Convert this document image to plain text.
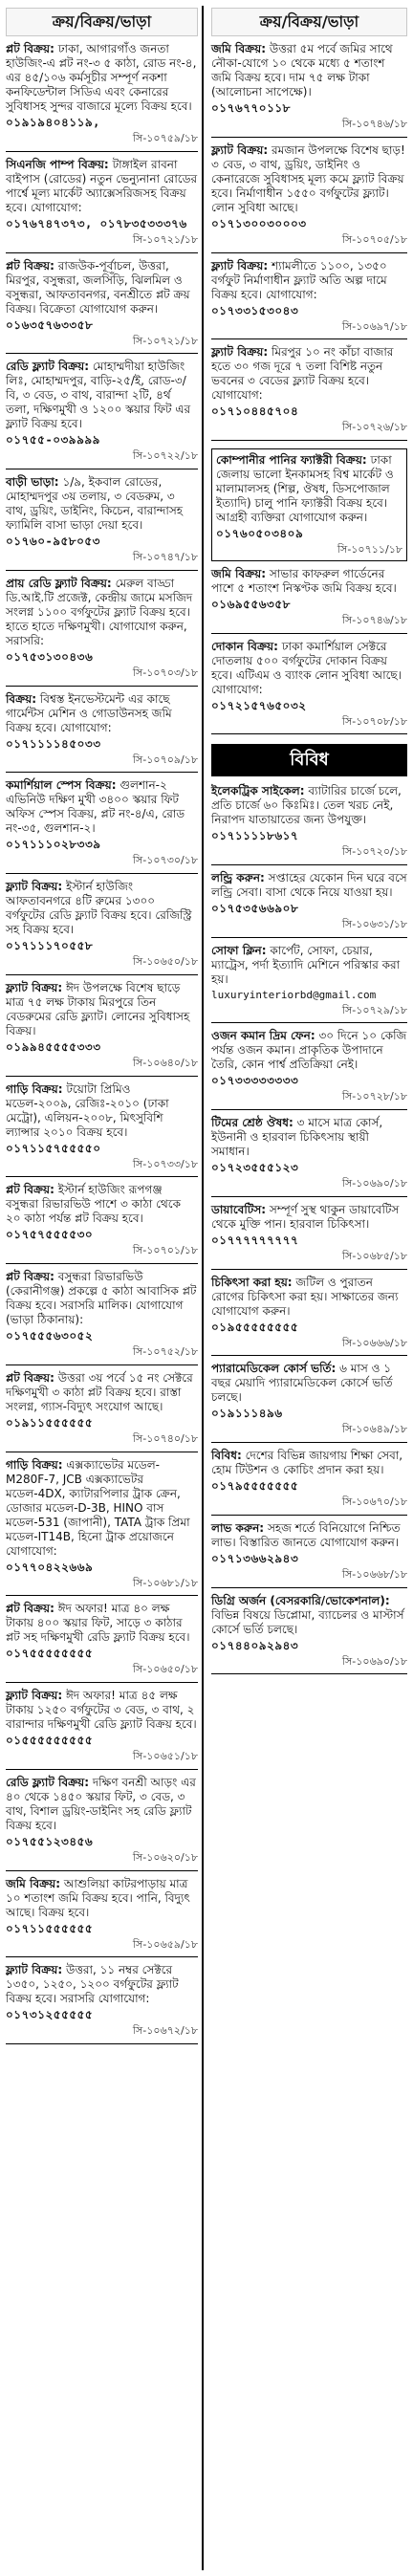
ক্রয়/বিক্রয়/ভাড়া
প্লট বিক্রয়: ঢাকা, আগারগাঁও জনতা হাউজিং-এ প্লট নং-৩ ৫ কাঠা, রোড নং-৪, এর ৪৫/১০৬ কর্মসূচীর সম্পূর্ণ নকশা কনফিডেন্টাল সিডিএ এবং কেনারের সুবিধাসহ সুন্দর বাজারে মূল্যে বিক্রয় হবে।
০১৯১৯৪০৪১১৯,
সি-১০৭৫৯/১৮
সিএনজি পাম্প বিক্রয়: টাঙ্গাইল রাবনা বাইপাস (রোডের) নতুন ভেন্যুনানা রোডের পার্শ্বে মূল্য মার্কেট অ্যাক্সেসরিজসহ বিক্রয় হবে। যোগাযোগ:
০১৭৬৭৪৭৩৭৩, ০১৭৮৩৫৩৩৩৭৬
সি-১০৭২১/১৮
প্লট বিক্রয়: রাজউক-পূর্বাচল, উত্তরা, মিরপুর, বসুন্ধরা, জলসিঁড়ি, ঝিলমিল ও বসুন্ধরা, আফতাবনগর, বনশ্রীতে প্লট ক্রয় বিক্রয়। বিক্রেতা যোগাযোগ করুন।
০১৬৩৫৭৬৩৩৫৮
সি-১০৭২১/১৮
রেডি ফ্ল্যাট বিক্রয়: মোহাম্মদীয়া হাউজিং লিঃ, মোহাম্মদপুর, বাড়ি-২৫/ই, রোড-৩/বি, ৩ বেড, ৩ বাথ, বারান্দা ২টি, ৪র্থ তলা, দক্ষিণমুখী ও ১২০০ স্কয়ার ফিট এর ফ্ল্যাট বিক্রয় হবে।
০১৭৫৫-০৩৯৯৯৯
সি-১০৭২২/১৮
বাড়ী ভাড়া: ১/৯, ইকবাল রোডের, মোহাম্মদপুর ৩য় তলায়, ৩ বেডরুম, ৩ বাথ, ড্রয়িং, ডাইনিং, কিচেন, বারান্দাসহ ফ্যামিলি বাসা ভাড়া দেয়া হবে।
০১৭৬০-৯৫৮০৫৩
সি-১০৭৪৭/১৮
প্রায় রেডি ফ্ল্যাট বিক্রয়: মেরুল বাড্ডা ডি.আই.টি প্রজেক্ট, কেন্দ্রীয় জামে মসজিদ সংলগ্ন ১১০০ বর্গফুটের ফ্ল্যাট বিক্রয় হবে। হাতে হাতে দক্ষিণমুখী। যোগাযোগ করুন, সরাসরি:
০১৭৫৩১৩০৪৩৬
সি-১০৭০৩/১৮
বিক্রয়: বিশ্বস্ত ইনভেস্টমেন্ট এর কাছে গার্মেন্টস মেশিন ও গোডাউনসহ জমি বিক্রয় হবে। যোগাযোগ:
০১৭১১১১৪৫০৩৩
সি-১০৭০৯/১৮
কমার্শিয়াল স্পেস বিক্রয়: গুলশান-২ এভিনিউ দক্ষিণ মুখী ৩৪০০ স্কয়ার ফিট অফিস স্পেস বিক্রয়, প্লট নং-৪/এ, রোড নং-৩৫, গুলশান-২।
০১৭১১১০২৮৩৩৯
সি-১০৭৩০/১৮
ফ্ল্যাট বিক্রয়: ইস্টার্ন হাউজিং আফতাবনগরে ৪টি রুমের ১৩০০ বর্গফুটের রেডি ফ্ল্যাট বিক্রয় হবে। রেজিস্ট্রি সহ বিক্রয় হবে।
০১৭১১১৭০৫৫৮
সি-১০৬৫০/১৮
ফ্ল্যাট বিক্রয়: ঈদ উপলক্ষে বিশেষ ছাড়ে মাত্র ৭৫ লক্ষ টাকায় মিরপুরে তিন বেডরুমের রেডি ফ্ল্যাট। লোনের সুবিধাসহ বিক্রয়।
০১৯৯৪৫৫৫৫৩৩৩
সি-১০৬৪০/১৮
গাড়ি বিক্রয়: টয়োটা প্রিমিও মডেল-২০০৯, রেজিঃ-২০১০ (ঢাকা মেট্রো), এলিয়ন-২০০৮, মিৎসুবিশি ল্যান্সার ২০১০ বিক্রয় হবে।
০১৭১১৫৭৫৫৫৫০
সি-১০৭৩৩/১৮
প্লট বিক্রয়: ইস্টার্ন হাউজিং রূপগঞ্জ বসুন্ধরা রিভারভিউ পাশে ৩ কাঠা থেকে ২০ কাঠা পর্যন্ত প্লট বিক্রয় হবে।
০১৭৫৭৫৫৫৫৩০
সি-১০৭০১/১৮
প্লট বিক্রয়: বসুন্ধরা রিভারভিউ (কেরানীগঞ্জ) প্রকল্পে ৫ কাঠা আবাসিক প্লট বিক্রয় হবে। সরাসরি মালিক। যোগাযোগ (ভাড়া ঠিকানায়):
০১৭৫৫৫৬৩০৫২
সি-১০৭৫২/১৮
প্লট বিক্রয়: উত্তরা ৩য় পর্বে ১৫ নং সেক্টরে দক্ষিণমুখী ৩ কাঠা প্লট বিক্রয় হবে। রাস্তা সংলগ্ন, গ্যাস-বিদ্যুৎ সংযোগ আছে।
০১৯১১৫৫৫৫৫৫
সি-১০৭৪০/১৮
গাড়ি বিক্রয়: এক্সক্যাভেটর মডেল-M280F-7, JCB এক্সক্যাভেটর মডেল-4DX, ক্যাটারপিলার ট্রাক ক্রেন, ডোজার মডেল-D-3B, HINO বাস মডেল-531 (জাপানী), TATA ট্রাক প্রিমা মডেল-IT14B, হিনো ট্রাক প্রয়োজনে যোগাযোগ:
০১৭৭০৪২২৬৬৯
সি-১০৬৮১/১৮
প্লট বিক্রয়: ঈদ অফার! মাত্র ৪০ লক্ষ টাকায় ৪০০ স্কয়ার ফিট, সাড়ে ৩ কাঠার প্লট সহ দক্ষিণমুখী রেডি ফ্ল্যাট বিক্রয় হবে।
০১৭৫৫৫৫৫৫৫৫
সি-১০৬৫০/১৮
ফ্ল্যাট বিক্রয়: ঈদ অফার! মাত্র ৪৫ লক্ষ টাকায় ১২৫০ বর্গফুটের ৩ বেড, ৩ বাথ, ২ বারান্দার দক্ষিণমুখী রেডি ফ্ল্যাট বিক্রয় হবে।
০১৫৫৫৫৫৫৫৫৫
সি-১০৬৫১/১৮
রেডি ফ্ল্যাট বিক্রয়: দক্ষিণ বনশ্রী আড়ং এর ৪০ থেকে ১৪৫০ স্কয়ার ফিট, ৩ বেড, ৩ বাথ, বিশাল ড্রয়িং-ডাইনিং সহ রেডি ফ্ল্যাট বিক্রয় হবে।
০১৭৫৫১২৩৪৫৬
সি-১০৬২০/১৮
জমি বিক্রয়: আশুলিয়া কাটরপাড়ায় মাত্র ১০ শতাংশ জমি বিক্রয় হবে। পানি, বিদ্যুৎ আছে। বিক্রয় হবে।
০১৭১১৫৫৫৫৫৫
সি-১০৬৫৯/১৮
ফ্ল্যাট বিক্রয়: উত্তরা, ১১ নম্বর সেক্টরে ১৩৫০, ১২৫০, ১২০০ বর্গফুটের ফ্ল্যাট বিক্রয় হবে। সরাসরি যোগাযোগ:
০১৭৩১২৫৫৫৫৫
সি-১০৬৭২/১৮
ক্রয়/বিক্রয়/ভাড়া
জমি বিক্রয়: উত্তরা ৫ম পর্বে জমির সাথে নৌকা-যোগে ১০ থেকে মধ্যে ৫ শতাংশ জমি বিক্রয় হবে। দাম ৭৫ লক্ষ টাকা (আলোচনা সাপেক্ষে)।
০১৭৬৭৭০১১৮
সি-১০৭৪৬/১৮
ফ্ল্যাট বিক্রয়: রমজান উপলক্ষে বিশেষ ছাড়! ৩ বেড, ৩ বাথ, ড্রয়িং, ডাইনিং ও কেনারেজে সুবিধাসহ মূল্য কমে ফ্ল্যাট বিক্রয় হবে। নির্মাণাধীন ১৫৫০ বর্গফুটের ফ্ল্যাট। লোন সুবিধা আছে।
০১৭১৩০০৩০০০৩
সি-১০৭০৫/১৮
ফ্ল্যাট বিক্রয়: শ্যামলীতে ১১০০, ১৩৫০ বর্গফুট নির্মাণাধীন ফ্ল্যাট অতি অল্প দামে বিক্রয় হবে। যোগাযোগ:
০১৭৩৩১৫৩০৪৩
সি-১০৬৯৭/১৮
ফ্ল্যাট বিক্রয়: মিরপুর ১০ নং কাঁচা বাজার হতে ৩০ গজ দূরে ৭ তলা বিশিষ্ট নতুন ভবনের ৩ বেডের ফ্ল্যাট বিক্রয় হবে। যোগাযোগ:
০১৭১০৪৪৫৭০৪
সি-১০৭২৬/১৮
কোম্পানীর পানির ফ্যাক্টরী বিক্রয়: ঢাকা জেলায় ভালো ইনকামসহ বিশ্ব মার্কেট ও মালামালসহ (শিল্প, ঔষধ, ডিসপোজাল ইত্যাদি) চালু পানি ফ্যাক্টরী বিক্রয় হবে। আগ্রহী ব্যক্তিরা যোগাযোগ করুন।
০১৭৬০৫০৩৪০৯
সি-১০৭১১/১৮
জমি বিক্রয়: সাভার কাফরুল গার্ডেনের পাশে ৫ শতাংশ নিস্কণ্টক জমি বিক্রয় হবে।
০১৬৯৫৫৬৩৫৮
সি-১০৭৪৬/১৮
দোকান বিক্রয়: ঢাকা কমার্শিয়াল সেক্টরে দোতলায় ৫০০ বর্গফুটের দোকান বিক্রয় হবে। এটিএম ও ব্যাংক লোন সুবিধা আছে। যোগাযোগ:
০১৭২১৫৭৬৫০৩২
সি-১০৭০৮/১৮
বিবিধ
ইলেকট্রিক সাইকেল: ব্যাটারির চার্জে চলে, প্রতি চার্জে ৬০ কিঃমিঃ। তেল খরচ নেই, নিরাপদ যাতায়াতের জন্য উপযুক্ত।
০১৭১১১১৮৬১৭
সি-১০৭২০/১৮
লন্ড্রি করুন: সপ্তাহের যেকোন দিন ঘরে বসে লন্ড্রি সেবা। বাসা থেকে নিয়ে যাওয়া হয়।
০১৭৫৩৫৬৬৯০৮
সি-১০৬৩১/১৮
সোফা ক্লিন: কার্পেট, সোফা, চেয়ার, ম্যাট্রেস, পর্দা ইত্যাদি মেশিনে পরিস্কার করা হয়।
luxuryinteriorbd@gmail.com
সি-১০৭২৯/১৮
ওজন কমান দ্রিম ফেন: ৩০ দিনে ১০ কেজি পর্যন্ত ওজন কমান। প্রাকৃতিক উপাদানে তৈরি, কোন পার্শ্ব প্রতিক্রিয়া নেই।
০১৭৩৩৩৩৩৩৩৩
সি-১০৭২৮/১৮
টিমের শ্রেষ্ঠ ঔষধ: ৩ মাসে মাত্র কোর্স, ইউনানী ও হারবাল চিকিৎসায় স্থায়ী সমাধান।
০১৭২৩৫৫৫১২৩
সি-১০৬৯০/১৮
ডায়াবেটিস: সম্পূর্ণ সুস্থ থাকুন ডায়াবেটিস থেকে মুক্তি পান। হারবাল চিকিৎসা।
০১৭৭৭৭৭৭৭৭৭
সি-১০৬৮৫/১৮
চিকিৎসা করা হয়: জটিল ও পুরাতন রোগের চিকিৎসা করা হয়। সাক্ষাতের জন্য যোগাযোগ করুন।
০১৯৫৫৫৫৫৫৫৫
সি-১০৬৬৬/১৮
প্যারামেডিকেল কোর্স ভর্তি: ৬ মাস ও ১ বছর মেয়াদি প্যারামেডিকেল কোর্সে ভর্তি চলছে।
০১৯১১১৪৯৬
সি-১০৬৪৯/১৮
বিবিধ: দেশের বিভিন্ন জায়গায় শিক্ষা সেবা, হোম টিউশন ও কোচিং প্রদান করা হয়।
০১৭৯৫৫৫৫৫৫৫
সি-১০৬৭০/১৮
লাভ করুন: সহজ শর্তে বিনিয়োগে নিশ্চিত লাভ। বিস্তারিত জানতে যোগাযোগ করুন।
০১৭১৩৬৬২৯৪৩
সি-১০৬৬৮/১৮
ডিগ্রি অর্জন (বেসরকারি/ভোকেশনাল): বিভিন্ন বিষয়ে ডিপ্লোমা, ব্যাচেলর ও মাস্টার্স কোর্সে ভর্তি চলছে।
০১৭৪৪০৯২৯৪৩
সি-১০৬৯০/১৮
